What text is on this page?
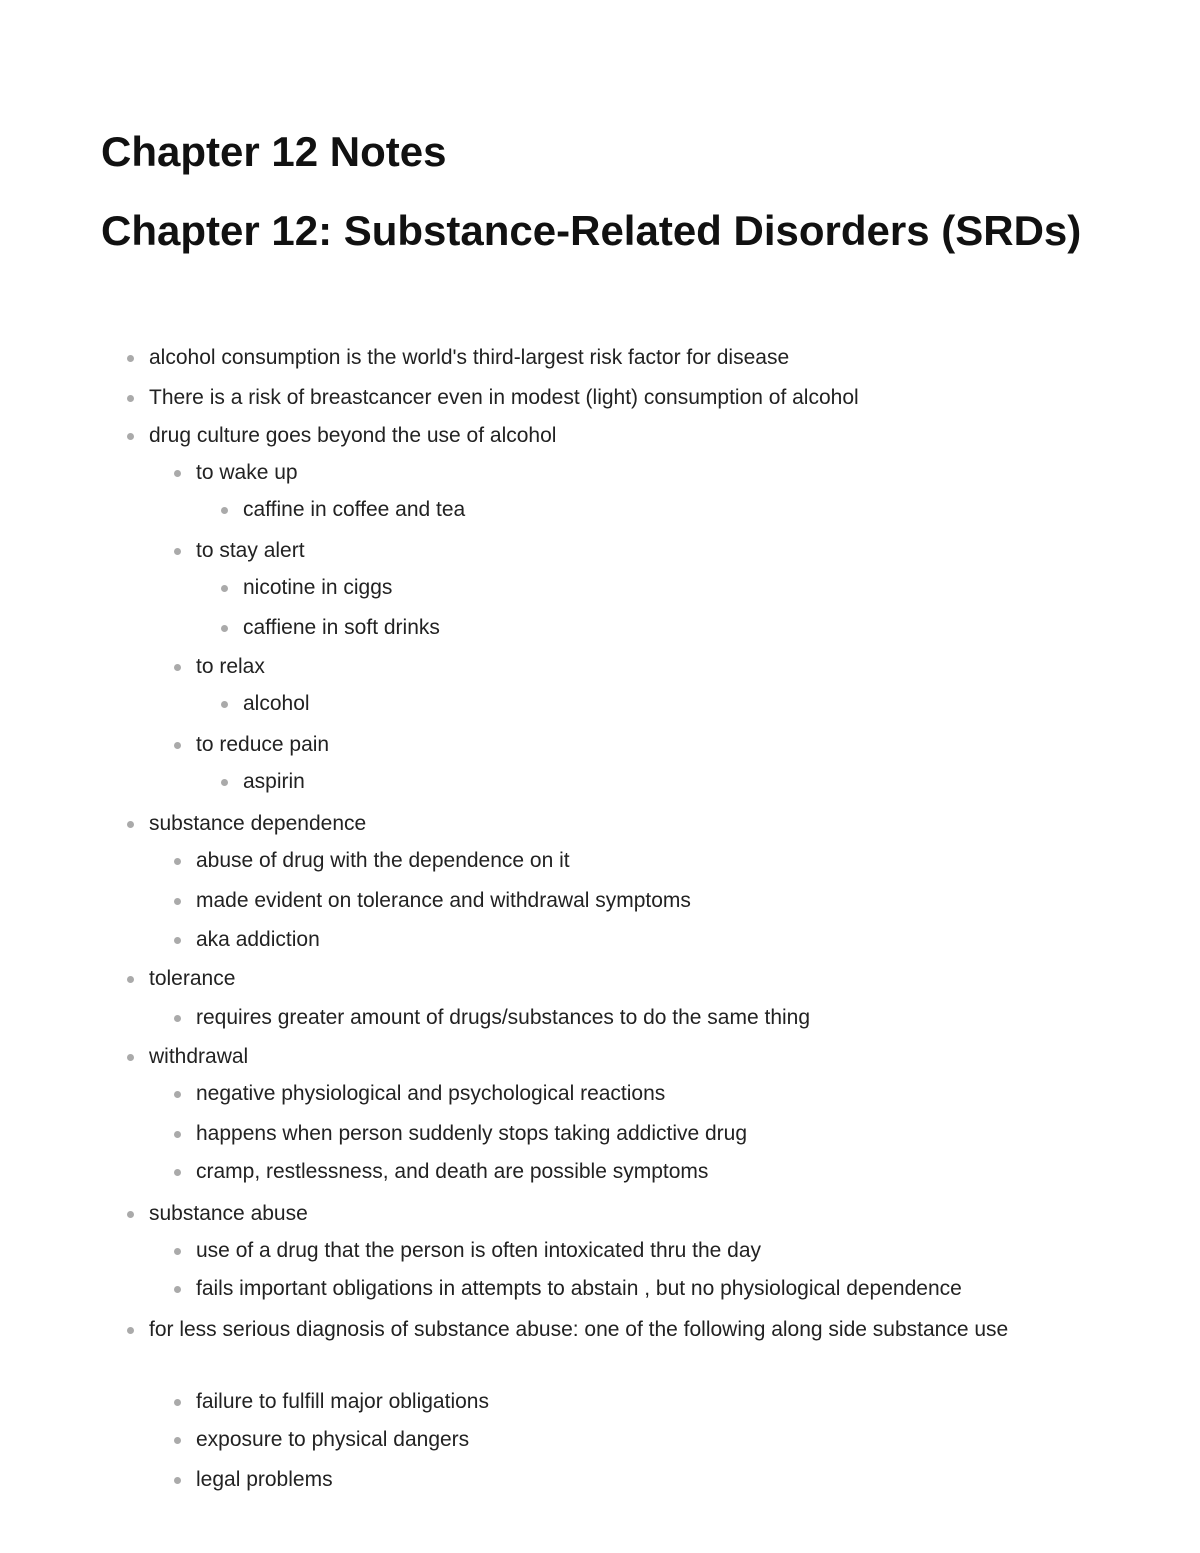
Chapter 12 Notes
Chapter 12: Substance-Related Disorders (SRDs)

alcohol consumption is the world's third-largest risk factor for disease

There is a risk of breastcancer even in modest (light) consumption of alcohol

drug culture goes beyond the use of alcohol

to wake up

caffine in coffee and tea

to stay alert

nicotine in ciggs

caffiene in soft drinks

to relax

alcohol

to reduce pain

aspirin

substance dependence

abuse of drug with the dependence on it

made evident on tolerance and withdrawal symptoms

aka addiction

tolerance

requires greater amount of drugs/substances to do the same thing

withdrawal

negative physiological and psychological reactions

happens when person suddenly stops taking addictive drug

cramp, restlessness, and death are possible symptoms

substance abuse

use of a drug that the person is often intoxicated thru the day

fails important obligations in attempts to abstain , but no physiological dependence

for less serious diagnosis of substance abuse: one of the following along side substance use

failure to fulfill major obligations

exposure to physical dangers

legal problems
